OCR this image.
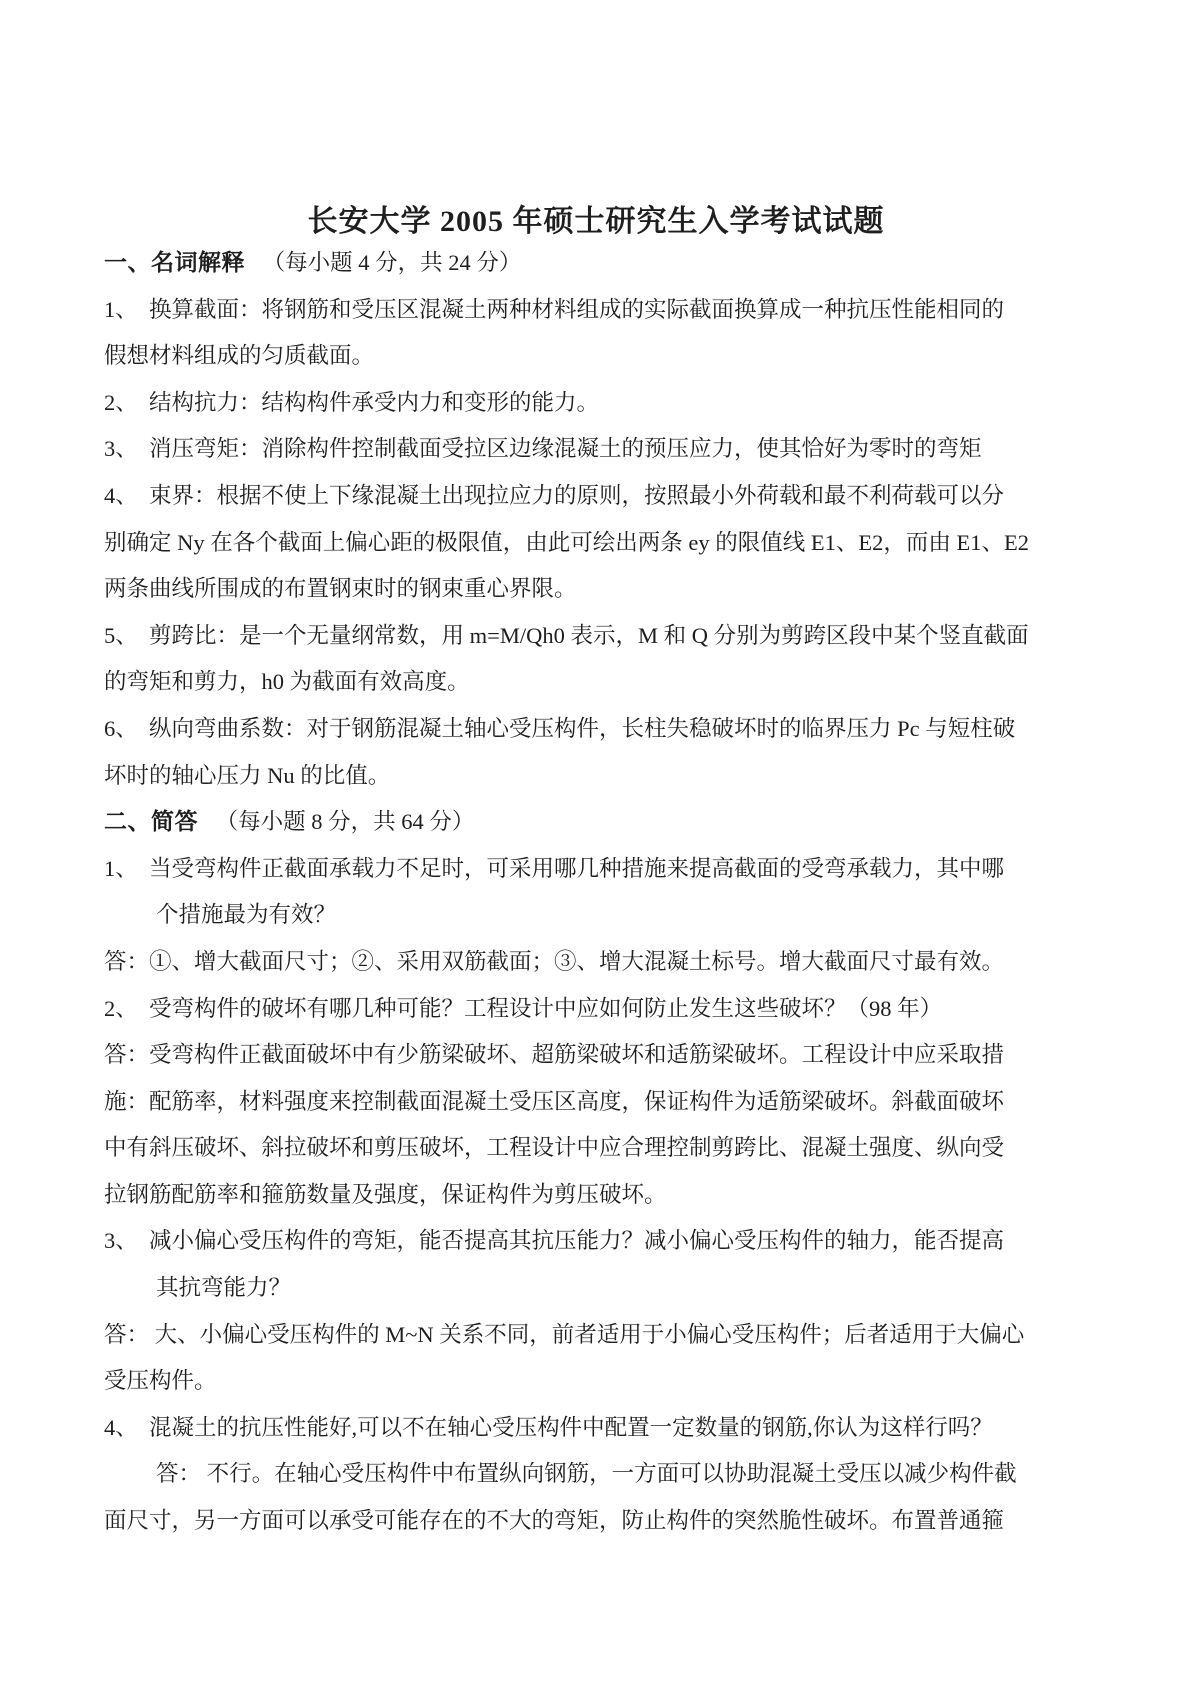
长安大学 2005 年硕士研究生入学考试试题
一、名词解释 （每小题 4 分，共 24 分）
1、　换算截面：将钢筋和受压区混凝土两种材料组成的实际截面换算成一种抗压性能相同的
假想材料组成的匀质截面。
2、　结构抗力：结构构件承受内力和变形的能力。
3、　消压弯矩：消除构件控制截面受拉区边缘混凝土的预压应力，使其恰好为零时的弯矩
4、　束界：根据不使上下缘混凝土出现拉应力的原则，按照最小外荷载和最不利荷载可以分
别确定 Ny 在各个截面上偏心距的极限值，由此可绘出两条 ey 的限值线 E1、E2，而由 E1、E2
两条曲线所围成的布置钢束时的钢束重心界限。
5、　剪跨比：是一个无量纲常数，用 m=M/Qh0 表示，M 和 Q 分别为剪跨区段中某个竖直截面
的弯矩和剪力，h0 为截面有效高度。
6、　纵向弯曲系数：对于钢筋混凝土轴心受压构件，长柱失稳破坏时的临界压力 Pc 与短柱破
坏时的轴心压力 Nu 的比值。
二、简答 （每小题 8 分，共 64 分）
1、　当受弯构件正截面承载力不足时，可采用哪几种措施来提高截面的受弯承载力，其中哪
个措施最为有效？
答：①、增大截面尺寸；②、采用双筋截面；③、增大混凝土标号。增大截面尺寸最有效。
2、　受弯构件的破坏有哪几种可能？工程设计中应如何防止发生这些破坏？（98 年）
答：受弯构件正截面破坏中有少筋梁破坏、超筋梁破坏和适筋梁破坏。工程设计中应采取措
施：配筋率，材料强度来控制截面混凝土受压区高度，保证构件为适筋梁破坏。斜截面破坏
中有斜压破坏、斜拉破坏和剪压破坏，工程设计中应合理控制剪跨比、混凝土强度、纵向受
拉钢筋配筋率和箍筋数量及强度，保证构件为剪压破坏。
3、　减小偏心受压构件的弯矩，能否提高其抗压能力？减小偏心受压构件的轴力，能否提高
其抗弯能力？
答： 大、小偏心受压构件的 M~N 关系不同，前者适用于小偏心受压构件；后者适用于大偏心
受压构件。
4、　混凝土的抗压性能好,可以不在轴心受压构件中配置一定数量的钢筋,你认为这样行吗？
答： 不行。在轴心受压构件中布置纵向钢筋，一方面可以协助混凝土受压以减少构件截
面尺寸，另一方面可以承受可能存在的不大的弯矩，防止构件的突然脆性破坏。布置普通箍
